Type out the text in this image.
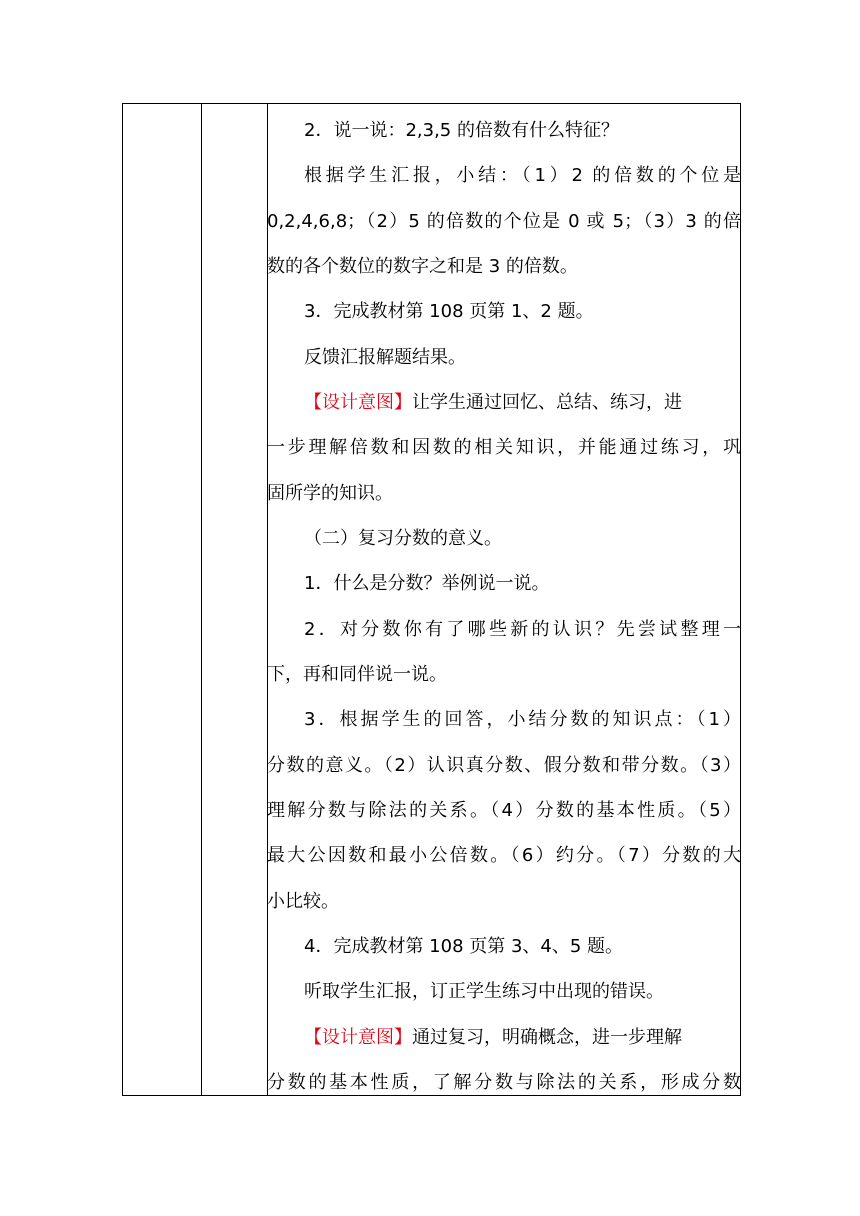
2．说一说：2,3,5 的倍数有什么特征？
根据学生汇报，小结：（1）2 的倍数的个位是
0,2,4,6,8；（2）5 的倍数的个位是 0 或 5；（3）3 的倍
数的各个数位的数字之和是 3 的倍数。
3．完成教材第 108 页第 1、2 题。
反馈汇报解题结果。
【设计意图】让学生通过回忆、总结、练习，进
一步理解倍数和因数的相关知识，并能通过练习，巩
固所学的知识。
（二）复习分数的意义。
1．什么是分数？举例说一说。
2．对分数你有了哪些新的认识？先尝试整理一
下，再和同伴说一说。
3．根据学生的回答，小结分数的知识点：（1）
分数的意义。（2）认识真分数、假分数和带分数。（3）
理解分数与除法的关系。（4）分数的基本性质。（5）
最大公因数和最小公倍数。（6）约分。（7）分数的大
小比较。
4．完成教材第 108 页第 3、4、5 题。
听取学生汇报，订正学生练习中出现的错误。
【设计意图】通过复习，明确概念，进一步理解
分数的基本性质，了解分数与除法的关系，形成分数
